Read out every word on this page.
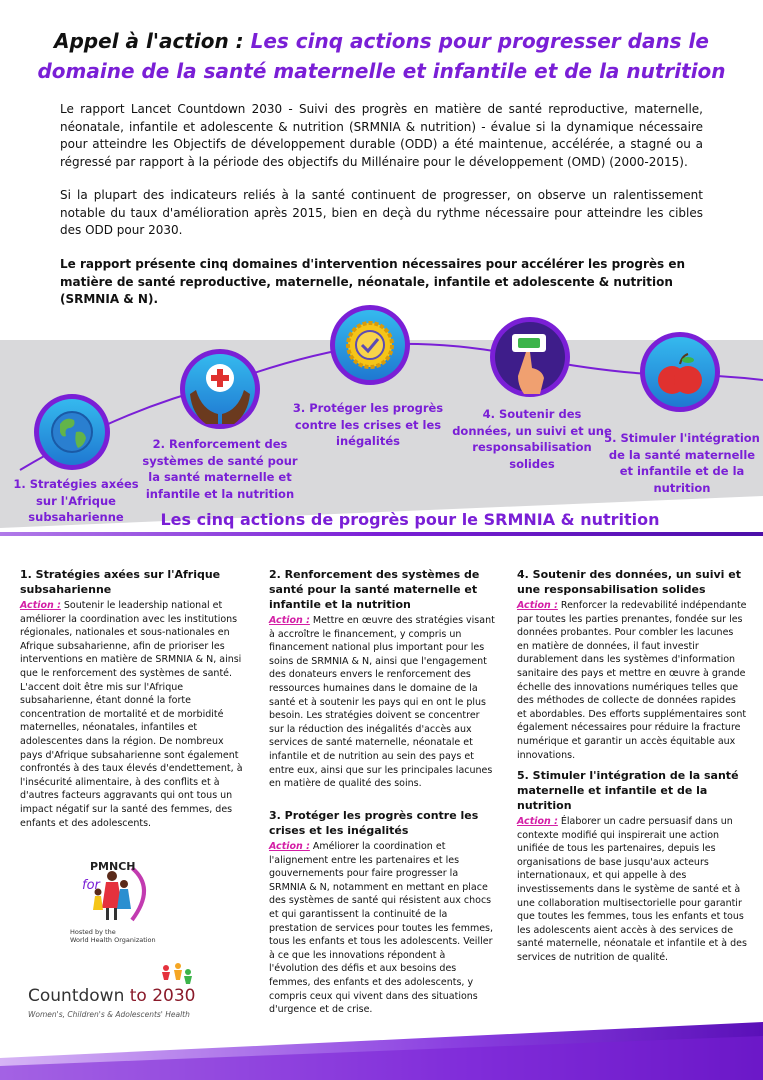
Appel à l'action : Les cinq actions pour progresser dans le domaine de la santé maternelle et infantile et de la nutrition
Le rapport Lancet Countdown 2030 - Suivi des progrès en matière de santé reproductive, maternelle, néonatale, infantile et adolescente & nutrition (SRMNIA & nutrition) - évalue si la dynamique nécessaire pour atteindre les Objectifs de développement durable (ODD) a été maintenue, accélérée, a stagné ou a régressé par rapport à la période des objectifs du Millénaire pour le développement (OMD) (2000-2015).
Si la plupart des indicateurs reliés à la santé continuent de progresser, on observe un ralentissement notable du taux d'amélioration après 2015, bien en deçà du rythme nécessaire pour atteindre les cibles des ODD pour 2030.
Le rapport présente cinq domaines d'intervention nécessaires pour accélérer les progrès en matière de santé reproductive, maternelle, néonatale, infantile et adolescente & nutrition (SRMNIA & N).
1. Stratégies axées sur l'Afrique subsaharienne
2. Renforcement des systèmes de santé pour la santé maternelle et infantile et la nutrition
3. Protéger les progrès contre les crises et les inégalités
4. Soutenir des données, un suivi et une responsabilisation solides
5. Stimuler l'intégration de la santé maternelle et infantile et de la nutrition
Les cinq actions de progrès pour le SRMNIA & nutrition
1. Stratégies axées sur l'Afrique subsaharienne

Action : Soutenir le leadership national et améliorer la coordination avec les institutions régionales, nationales et sous-nationales en Afrique subsaharienne, afin de prioriser les interventions en matière de SRMNIA & N, ainsi que le renforcement des systèmes de santé. L'accent doit être mis sur l'Afrique subsaharienne, étant donné la forte concentration de mortalité et de morbidité maternelles, néonatales, infantiles et adolescentes dans la région. De nombreux pays d'Afrique subsaharienne sont également confrontés à des taux élevés d'endettement, à l'insécurité alimentaire, à des conflits et à d'autres facteurs aggravants qui ont tous un impact négatif sur la santé des femmes, des enfants et des adolescents.

2. Renforcement des systèmes de santé pour la santé maternelle et infantile et la nutrition

Action : Mettre en œuvre des stratégies visant à accroître le financement, y compris un financement national plus important pour les soins de SRMNIA & N, ainsi que l'engagement des donateurs envers le renforcement des ressources humaines dans le domaine de la santé et à soutenir les pays qui en ont le plus besoin. Les stratégies doivent se concentrer sur la réduction des inégalités d'accès aux services de santé maternelle, néonatale et infantile et de nutrition au sein des pays et entre eux, ainsi que sur les principales lacunes en matière de qualité des soins.

3. Protéger les progrès contre les crises et les inégalités

Action : Améliorer la coordination et l'alignement entre les partenaires et les gouvernements pour faire progresser la SRMNIA & N, notamment en mettant en place des systèmes de santé qui résistent aux chocs et qui garantissent la continuité de la prestation de services pour toutes les femmes, tous les enfants et tous les adolescents. Veiller à ce que les innovations répondent à l'évolution des défis et aux besoins des femmes, des enfants et des adolescents, y compris ceux qui vivent dans des situations d'urgence et de crise.

4. Soutenir des données, un suivi et une responsabilisation solides

Action : Renforcer la redevabilité indépendante par toutes les parties prenantes, fondée sur les données probantes. Pour combler les lacunes en matière de données, il faut investir durablement dans les systèmes d'information sanitaire des pays et mettre en œuvre à grande échelle des innovations numériques telles que des méthodes de collecte de données rapides et abordables. Des efforts supplémentaires sont également nécessaires pour réduire la fracture numérique et garantir un accès équitable aux innovations.

5. Stimuler l'intégration de la santé maternelle et infantile et de la nutrition

Action : Élaborer un cadre persuasif dans un contexte modifié qui inspirerait une action unifiée de tous les partenaires, depuis les organisations de base jusqu'aux acteurs internationaux, et qui appelle à des investissements dans le système de santé et à une collaboration multisectorielle pour garantir que toutes les femmes, tous les enfants et tous les adolescents aient accès à des services de santé maternelle, néonatale et infantile et à des services de nutrition de qualité.

PMNCH
for
Hosted by the
World Health Organization
Countdown to 2030
Women's, Children's & Adolescents' Health
